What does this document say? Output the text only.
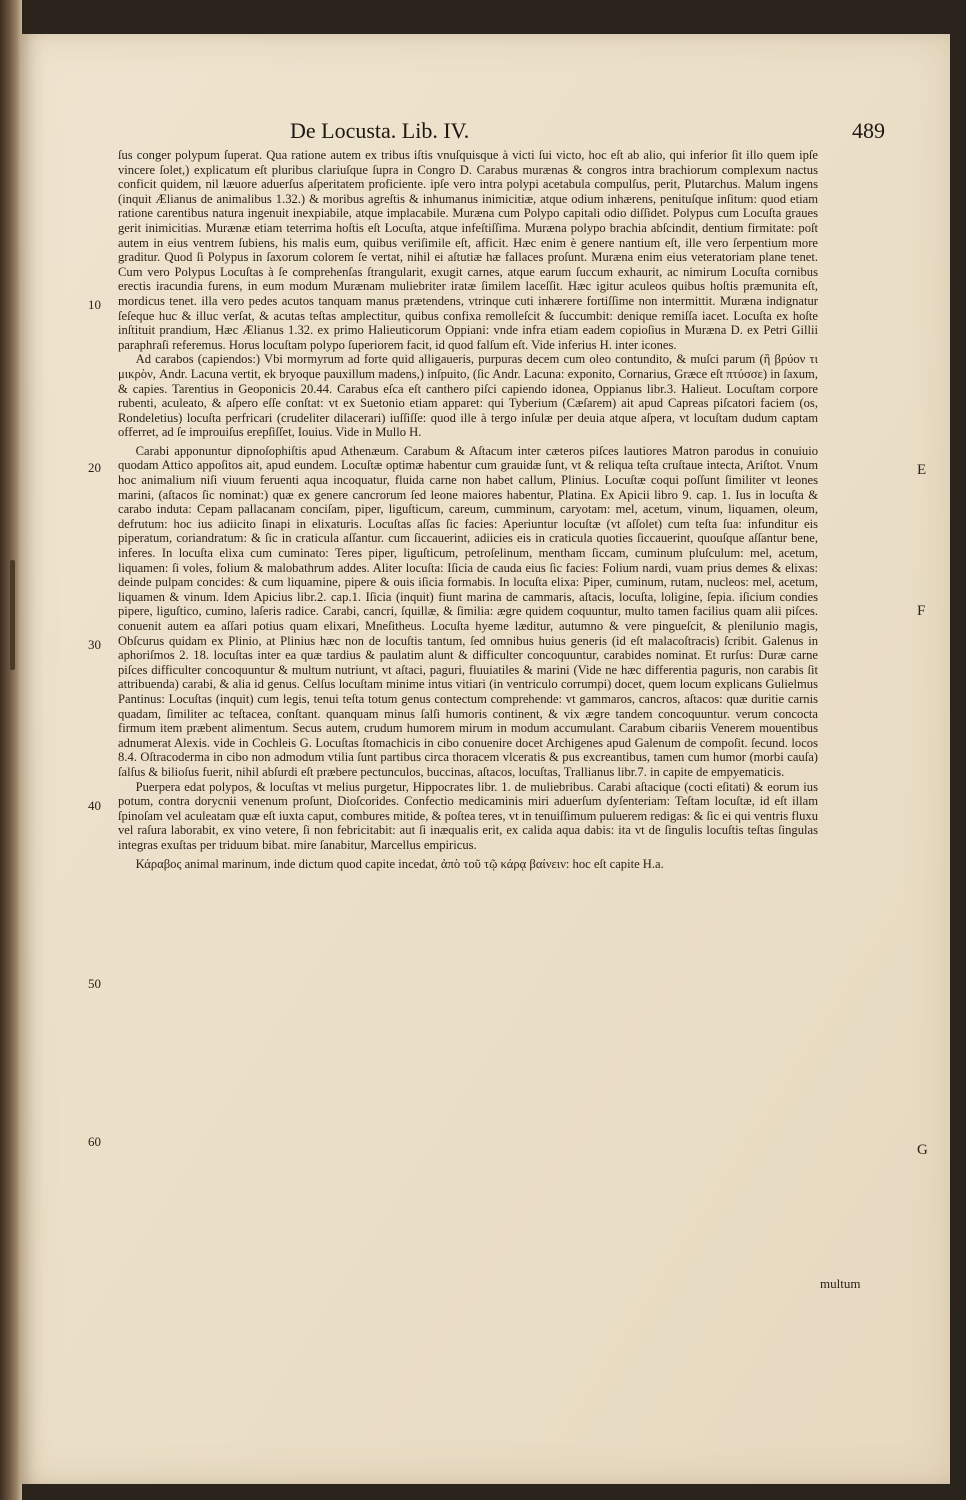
De Locusta. Lib. IV.	489

ſus conger polypum ſuperat. Qua ratione autem ex tribus iſtis vnuſquisque à victi ſui victo, hoc eſt ab alio, qui inferior ſit illo quem ipſe vincere ſolet,) explicatum eſt pluribus clariuſque ſupra in Congro D. Carabus murænas & congros intra brachiorum complexum nactus conficit quidem, nil læuore aduerſus aſperitatem proficiente. ipſe vero intra polypi acetabula compulſus, perit, Plutarchus. Malum ingens (inquit Ælianus de animalibus 1.32.) & moribus agreſtis & inhumanus inimicitiæ, atque odium inhærens, penituſque inſitum: quod etiam ratione carentibus natura ingenuit inexpiabile, atque implacabile. Muræna cum Polypo capitali odio diſſidet. Polypus cum Locuſta graues gerit inimicitias. Murænæ etiam teterrima hoſtis eſt Locuſta, atque infeſtiſſima. Muræna polypo brachia abſcindit, dentium firmitate: poſt autem in eius ventrem ſubiens, his malis eum, quibus veriſimile eſt, afficit. Hæc enim è genere nantium eſt, ille vero ſerpentium more graditur. Quod ſi Polypus in ſaxorum colorem ſe vertat, nihil ei aſtutiæ hæ fallaces proſunt. Muræna enim eius veteratoriam plane tenet. Cum vero Polypus Locuſtas à ſe comprehenſas ſtrangularit, exugit carnes, atque earum ſuccum exhaurit, ac nimirum Locuſta cornibus erectis iracundia furens, in eum modum Murænam muliebriter iratæ ſimilem laceſſit. Hæc igitur aculeos quibus hoſtis præmunita eſt, mordicus tenet. illa vero pedes acutos tanquam manus prætendens, vtrinque cuti inhærere fortiſſime non intermittit. Muræna indignatur ſeſeque huc & illuc verſat, & acutas teſtas amplectitur, quibus confixa remolleſcit & ſuccumbit: denique remiſſa iacet. Locuſta ex hoſte inſtituit prandium, Hæc Ælianus 1.32. ex primo Halieuticorum Oppiani: vnde infra etiam eadem copioſius in Muræna D. ex Petri Gillii paraphraſi referemus. Horus locuſtam polypo ſuperiorem facit, id quod falſum eſt. Vide inferius H. inter icones.

Ad carabos (capiendos:) Vbi mormyrum ad forte quid alligaueris, purpuras decem cum oleo contundito, & muſci parum (ἢ βρύον τι μικρὸν, Andr. Lacuna vertit, ek bryoque pauxillum madens,) inſpuito, (ſic Andr. Lacuna: exponito, Cornarius, Græce eſt πτύσσε) in ſaxum, & capies. Tarentius in Geoponicis 20.44. Carabus eſca eſt canthero piſci capiendo idonea, Oppianus libr.3. Halieut. Locuſtam corpore rubenti, aculeato, & aſpero eſſe conſtat: vt ex Suetonio etiam apparet: qui Tyberium (Cæſarem) ait apud Capreas piſcatori faciem (os, Rondeletius) locuſta perfricari (crudeliter dilacerari) iuſſiſſe: quod ille à tergo inſulæ per deuia atque aſpera, vt locuſtam dudum captam offerret, ad ſe improuiſus erepſiſſet, Iouius. Vide in Mullo H.

Carabi apponuntur dipnoſophiſtis apud Athenæum. Carabum & Aſtacum inter cæteros piſces lautiores Matron parodus in conuiuio quodam Attico appoſitos ait, apud eundem. Locuſtæ optimæ habentur cum grauidæ ſunt, vt & reliqua teſta cruſtaue intecta, Ariſtot. Vnum hoc animalium niſi viuum feruenti aqua incoquatur, fluida carne non habet callum, Plinius. Locuſtæ coqui poſſunt ſimiliter vt leones marini, (aſtacos ſic nominat:) quæ ex genere cancrorum ſed leone maiores habentur, Platina. Ex Apicii libro 9. cap. 1. Ius in locuſta & carabo induta: Cepam pallacanam conciſam, piper, liguſticum, careum, cumminum, caryotam: mel, acetum, vinum, liquamen, oleum, defrutum: hoc ius adiicito ſinapi in elixaturis. Locuſtas aſſas ſic facies: Aperiuntur locuſtæ (vt aſſolet) cum teſta ſua: infunditur eis piperatum, coriandratum: & ſic in craticula aſſantur. cum ſiccauerint, adiicies eis in craticula quoties ſiccauerint, quouſque aſſantur bene, inferes. In locuſta elixa cum cuminato: Teres piper, liguſticum, petroſelinum, mentham ſiccam, cuminum pluſculum: mel, acetum, liquamen: ſi voles, folium & malobathrum addes. Aliter locuſta: Iſicia de cauda eius ſic facies: Folium nardi, vuam prius demes & elixas: deinde pulpam concides: & cum liquamine, pipere & ouis iſicia formabis. In locuſta elixa: Piper, cuminum, rutam, nucleos: mel, acetum, liquamen & vinum. Idem Apicius libr.2. cap.1. Iſicia (inquit) fiunt marina de cammaris, aſtacis, locuſta, loligine, ſepia. iſicium condies pipere, liguſtico, cumino, laſeris radice. Carabi, cancri, ſquillæ, & ſimilia: ægre quidem coquuntur, multo tamen facilius quam alii piſces. conuenit autem ea aſſari potius quam elixari, Mneſitheus. Locuſta hyeme læditur, autumno & vere pingueſcit, & plenilunio magis, Obſcurus quidam ex Plinio, at Plinius hæc non de locuſtis tantum, ſed omnibus huius generis (id eſt malacoſtracis) ſcribit. Galenus in aphoriſmos 2. 18. locuſtas inter ea quæ tardius & paulatim alunt & difficulter concoquuntur, carabides nominat. Et rurſus: Duræ carne piſces difficulter concoquuntur & multum nutriunt, vt aſtaci, paguri, fluuiatiles & marini (Vide ne hæc differentia paguris, non carabis ſit attribuenda) carabi, & alia id genus. Celſus locuſtam minime intus vitiari (in ventriculo corrumpi) docet, quem locum explicans Gulielmus Pantinus: Locuſtas (inquit) cum legis, tenui teſta totum genus contectum comprehende: vt gammaros, cancros, aſtacos: quæ duritie carnis quadam, ſimiliter ac teſtacea, conſtant. quanquam minus ſalſi humoris continent, & vix ægre tandem concoquuntur. verum concocta firmum item præbent alimentum. Secus autem, crudum humorem mirum in modum accumulant. Carabum cibariis Venerem mouentibus adnumerat Alexis. vide in Cochleis G. Locuſtas ſtomachicis in cibo conuenire docet Archigenes apud Galenum de compoſit. ſecund. locos 8.4. Oſtracoderma in cibo non admodum vtilia ſunt partibus circa thoracem vlceratis & pus excreantibus, tamen cum humor (morbi cauſa) ſalſus & bilioſus fuerit, nihil abſurdi eſt præbere pectunculos, buccinas, aſtacos, locuſtas, Trallianus libr.7. in capite de empyematicis.

Puerpera edat polypos, & locuſtas vt melius purgetur, Hippocrates libr. 1. de muliebribus. Carabi aſtacique (cocti eſitati) & eorum ius potum, contra dorycnii venenum proſunt, Dioſcorides. Confectio medicaminis miri aduerſum dyſenteriam: Teſtam locuſtæ, id eſt illam ſpinoſam vel aculeatam quæ eſt iuxta caput, combures mitide, & poſtea teres, vt in tenuiſſimum puluerem redigas: & ſic ei qui ventris fluxu vel raſura laborabit, ex vino vetere, ſi non febricitabit: aut ſi inæqualis erit, ex calida aqua dabis: ita vt de ſingulis locuſtis teſtas ſingulas integras exuſtas per triduum bibat. mire ſanabitur, Marcellus empiricus.

Κάραβος animal marinum, inde dictum quod capite incedat, ἀπὸ τοῦ τῷ κάρᾳ βαίνειν: hoc eſt capite H.a.

10
20
30
40
50
60
E
F
G
multum
